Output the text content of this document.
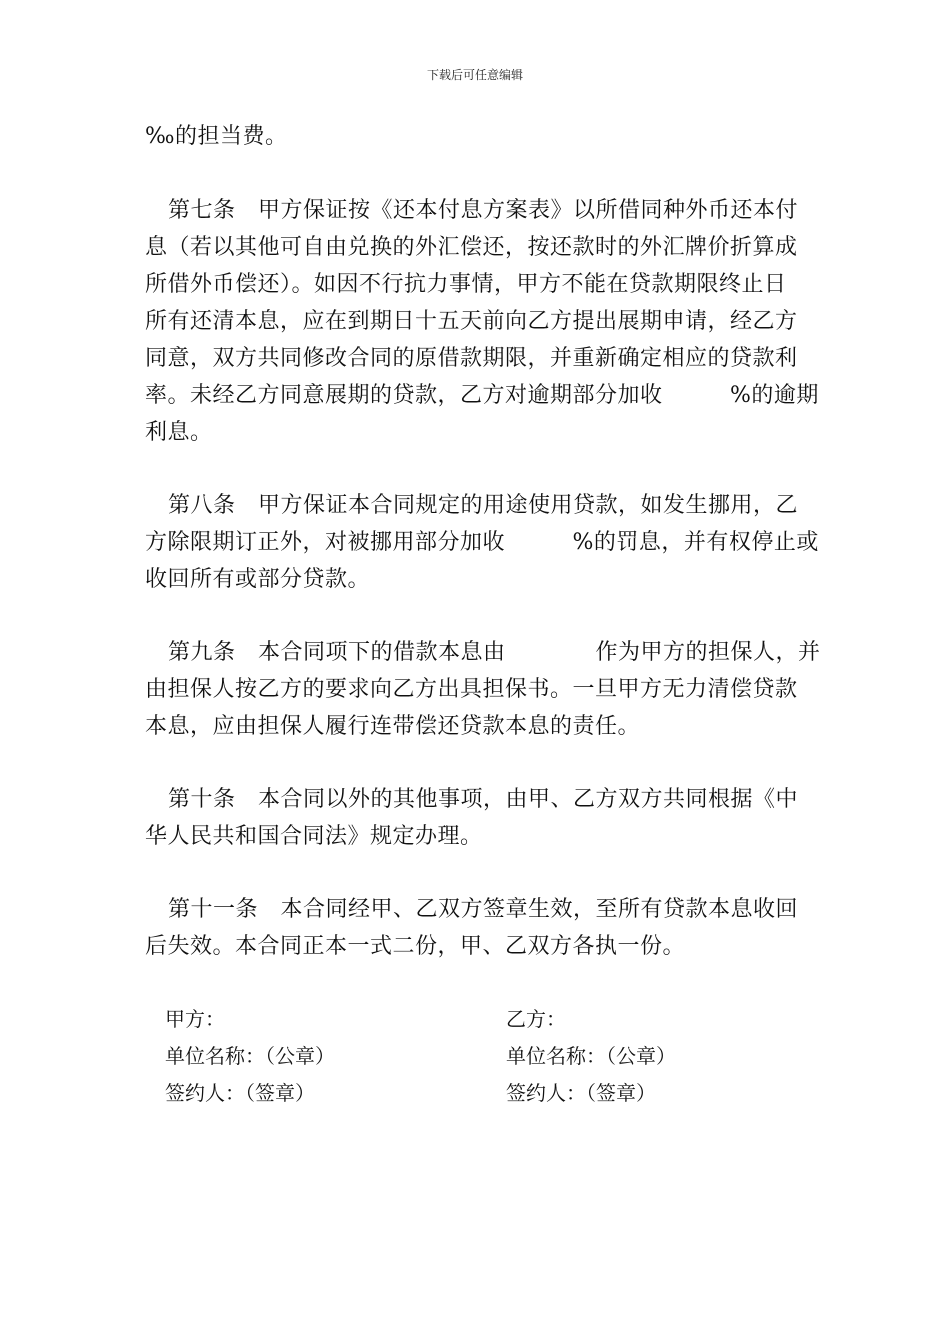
下载后可任意编辑
‰的担当费。
第七条　甲方保证按《还本付息方案表》以所借同种外币还本付
息（若以其他可自由兑换的外汇偿还，按还款时的外汇牌价折算成
所借外币偿还）。如因不行抗力事情，甲方不能在贷款期限终止日
所有还清本息，应在到期日十五天前向乙方提出展期申请，经乙方
同意，双方共同修改合同的原借款期限，并重新确定相应的贷款利
率。未经乙方同意展期的贷款，乙方对逾期部分加收　　　%的逾期
利息。
第八条　甲方保证本合同规定的用途使用贷款，如发生挪用，乙
方除限期订正外，对被挪用部分加收　　　%的罚息，并有权停止或
收回所有或部分贷款。
第九条　本合同项下的借款本息由　　　　作为甲方的担保人，并
由担保人按乙方的要求向乙方出具担保书。一旦甲方无力清偿贷款
本息，应由担保人履行连带偿还贷款本息的责任。
第十条　本合同以外的其他事项，由甲、乙方双方共同根据《中
华人民共和国合同法》规定办理。
第十一条　本合同经甲、乙双方签章生效，至所有贷款本息收回
后失效。本合同正本一式二份，甲、乙双方各执一份。
甲方：
单位名称：（公章）
签约人：（签章）
乙方：
单位名称：（公章）
签约人：（签章）
